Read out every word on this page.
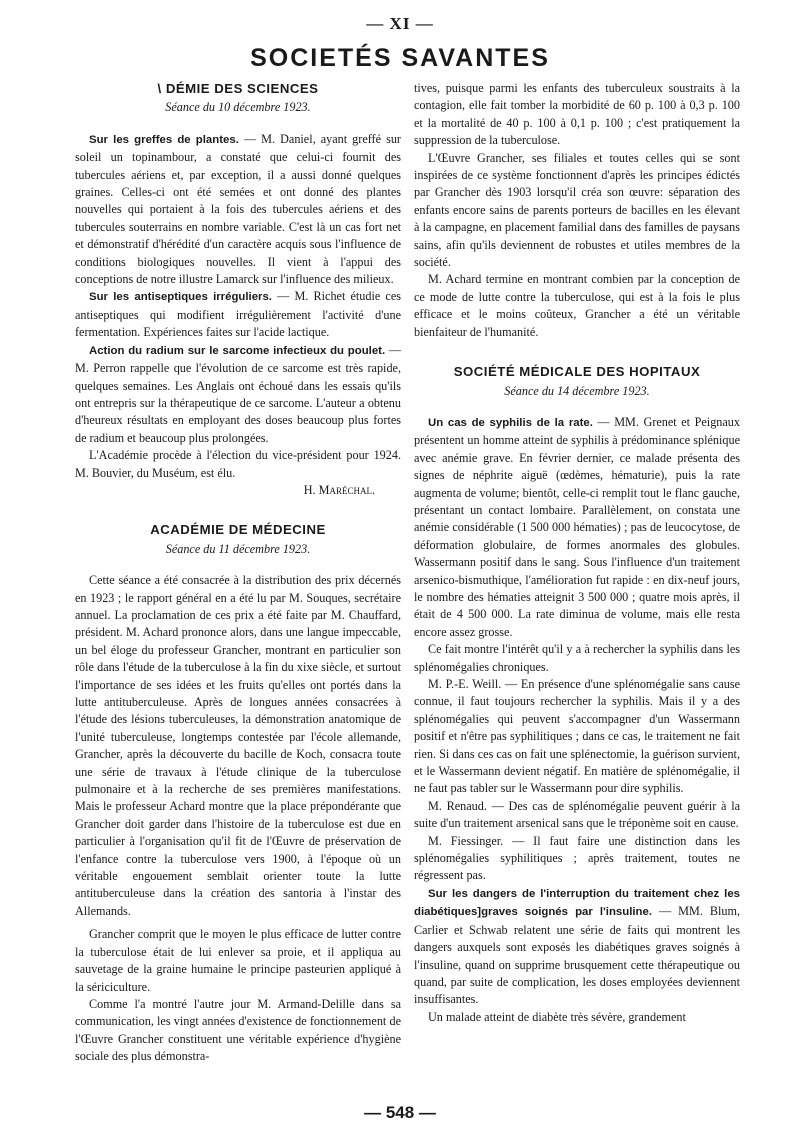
— XI —
SOCIETÉS SAVANTES
\ DÉMIE DES SCIENCES
Séance du 10 décembre 1923.

Sur les greffes de plantes. — M. Daniel, ayant greffé sur soleil un topinambour, a constaté que celui-ci fournit des tubercules aériens et, par exception, il a aussi donné quelques graines. Celles-ci ont été semées et ont donné des plantes nouvelles qui portaient à la fois des tubercules aériens et des tubercules souterrains en nombre variable. C'est là un cas fort net et démonstratif d'hérédité d'un caractère acquis sous l'influence de conditions biologiques nouvelles. Il vient à l'appui des conceptions de notre illustre Lamarck sur l'influence des milieux.

Sur les antiseptiques irréguliers. — M. Richet étudie ces antiseptiques qui modifient irrégulièrement l'activité d'une fermentation. Expériences faites sur l'acide lactique.

Action du radium sur le sarcome infectieux du poulet. — M. Perron rappelle que l'évolution de ce sarcome est très rapide, quelques semaines. Les Anglais ont échoué dans les essais qu'ils ont entrepris sur la thérapeutique de ce sarcome. L'auteur a obtenu d'heureux résultats en employant des doses beaucoup plus fortes de radium et beaucoup plus prolongées.

L'Académie procède à l'élection du vice-président pour 1924. M. Bouvier, du Muséum, est élu.

H. Maréchal.

ACADÉMIE DE MÉDECINE
Séance du 11 décembre 1923.

Cette séance a été consacrée à la distribution des prix décernés en 1923 ; le rapport général en a été lu par M. Souques, secrétaire annuel. La proclamation de ces prix a été faite par M. Chauffard, président. M. Achard prononce alors, dans une langue impeccable, un bel éloge du professeur Grancher, montrant en particulier son rôle dans l'étude de la tuberculose à la fin du xixe siècle, et surtout l'importance de ses idées et les fruits qu'elles ont portés dans la lutte antituberculeuse. Après de longues années consacrées à l'étude des lésions tuberculeuses, la démonstration anatomique de l'unité tuberculeuse, longtemps contestée par l'école allemande, Grancher, après la découverte du bacille de Koch, consacra toute une série de travaux à l'étude clinique de la tuberculose pulmonaire et à la recherche de ses premières manifestations. Mais le professeur Achard montre que la place prépondérante que Grancher doit garder dans l'histoire de la tuberculose est due en particulier à l'organisation qu'il fit de l'Œuvre de préservation de l'enfance contre la tuberculose vers 1900, à l'époque où un véritable engouement semblait orienter toute la lutte antituberculeuse dans la création des santoria à l'instar des Allemands.

Grancher comprit que le moyen le plus efficace de lutter contre la tuberculose était de lui enlever sa proie, et il appliqua au sauvetage de la graine humaine le principe pasteurien appliqué à la sériciculture.

Comme l'a montré l'autre jour M. Armand-Delille dans sa communication, les vingt années d'existence de fonctionnement de l'Œuvre Grancher constituent une véritable expérience d'hygiène sociale des plus démonstra-

tives, puisque parmi les enfants des tuberculeux soustraits à la contagion, elle fait tomber la morbidité de 60 p. 100 à 0,3 p. 100 et la mortalité de 40 p. 100 à 0,1 p. 100 ; c'est pratiquement la suppression de la tuberculose.

L'Œuvre Grancher, ses filiales et toutes celles qui se sont inspirées de ce système fonctionnent d'après les principes édictés par Grancher dès 1903 lorsqu'il créa son œuvre: séparation des enfants encore sains de parents porteurs de bacilles en les élevant à la campagne, en placement familial dans des familles de paysans sains, afin qu'ils deviennent de robustes et utiles membres de la société.

M. Achard termine en montrant combien par la conception de ce mode de lutte contre la tuberculose, qui est à la fois le plus efficace et le moins coûteux, Grancher a été un véritable bienfaiteur de l'humanité.

SOCIÉTÉ MÉDICALE DES HOPITAUX
Séance du 14 décembre 1923.

Un cas de syphilis de la rate. — MM. Grenet et Peignaux présentent un homme atteint de syphilis à prédominance splénique avec anémie grave. En février dernier, ce malade présenta des signes de néphrite aiguë (œdèmes, hématurie), puis la rate augmenta de volume; bientôt, celle-ci remplit tout le flanc gauche, présentant un contact lombaire. Parallèlement, on constata une anémie considérable (1 500 000 hématies) ; pas de leucocytose, de déformation globulaire, de formes anormales des globules. Wassermann positif dans le sang. Sous l'influence d'un traitement arsenico-bismuthique, l'amélioration fut rapide : en dix-neuf jours, le nombre des hématies atteignit 3 500 000 ; quatre mois après, il était de 4 500 000. La rate diminua de volume, mais elle resta encore assez grosse.

Ce fait montre l'intérêt qu'il y a à rechercher la syphilis dans les splénomégalies chroniques.

M. P.-E. Weill. — En présence d'une splénomégalie sans cause connue, il faut toujours rechercher la syphilis. Mais il y a des splénomégalies qui peuvent s'accompagner d'un Wassermann positif et n'être pas syphilitiques ; dans ce cas, le traitement ne fait rien. Si dans ces cas on fait une splénectomie, la guérison survient, et le Wassermann devient négatif. En matière de splénomégalie, il ne faut pas tabler sur le Wassermann pour dire syphilis.

M. Renaud. — Des cas de splénomégalie peuvent guérir à la suite d'un traitement arsenical sans que le tréponème soit en cause.

M. Fiessinger. — Il faut faire une distinction dans les splénomégalies syphilitiques ; après traitement, toutes ne régressent pas.

Sur les dangers de l'interruption du traitement chez les diabétiques]graves soignés par l'insuline. — MM. Blum, Carlier et Schwab relatent une série de faits qui montrent les dangers auxquels sont exposés les diabétiques graves soignés à l'insuline, quand on supprime brusquement cette thérapeutique ou quand, par suite de complication, les doses employées deviennent insuffisantes.

Un malade atteint de diabète très sévère, grandement

— 548 —
